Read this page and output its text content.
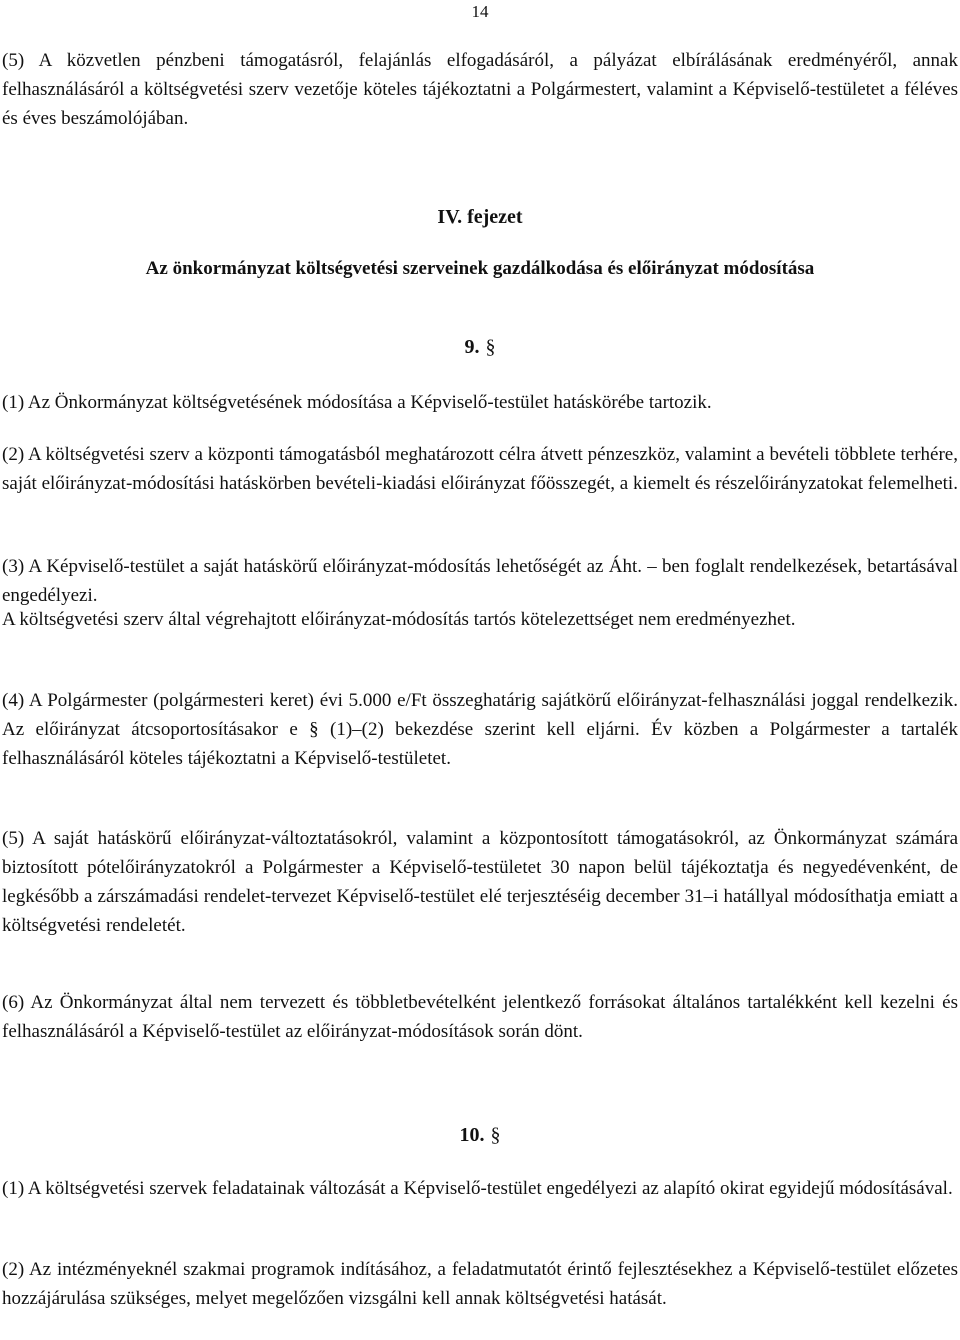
14

(5) A közvetlen pénzbeni támogatásról, felajánlás elfogadásáról, a pályázat elbírálásának eredményéről, annak felhasználásáról a költségvetési szerv vezetője köteles tájékoztatni a Polgármestert, valamint a Képviselő-testületet a féléves és éves beszámolójában.

IV. fejezet

Az önkormányzat költségvetési szerveinek gazdálkodása és előirányzat módosítása

9. §

(1) Az Önkormányzat költségvetésének módosítása a Képviselő-testület hatáskörébe tartozik.

(2) A költségvetési szerv a központi támogatásból meghatározott célra átvett pénzeszköz, valamint a bevételi többlete terhére, saját előirányzat-módosítási hatáskörben bevételi-kiadási előirányzat főösszegét, a kiemelt és részelőirányzatokat felemelheti.

(3) A Képviselő-testület a saját hatáskörű előirányzat-módosítás lehetőségét az Áht. – ben foglalt rendelkezések, betartásával engedélyezi.

A költségvetési szerv által végrehajtott előirányzat-módosítás tartós kötelezettséget nem eredményezhet.

(4) A Polgármester (polgármesteri keret) évi 5.000 e/Ft összeghatárig sajátkörű előirányzat-felhasználási joggal rendelkezik. Az előirányzat átcsoportosításakor e § (1)–(2) bekezdése szerint kell eljárni. Év közben a Polgármester a tartalék felhasználásáról köteles tájékoztatni a Képviselő-testületet.

(5) A saját hatáskörű előirányzat-változtatásokról, valamint a központosított támogatásokról, az Önkormányzat számára biztosított pótelőirányzatokról a Polgármester a Képviselő-testületet 30 napon belül tájékoztatja és negyedévenként, de legkésőbb a zárszámadási rendelet-tervezet Képviselő-testület elé terjesztéséig december 31–i hatállyal módosíthatja emiatt a költségvetési rendeletét.

(6) Az Önkormányzat által nem tervezett és többletbevételként jelentkező forrásokat általános tartalékként kell kezelni és felhasználásáról a Képviselő-testület az előirányzat-módosítások során dönt.

10. §

(1) A költségvetési szervek feladatainak változását a Képviselő-testület engedélyezi az alapító okirat egyidejű módosításával.

(2) Az intézményeknél szakmai programok indításához, a feladatmutatót érintő fejlesztésekhez a Képviselő-testület előzetes hozzájárulása szükséges, melyet megelőzően vizsgálni kell annak költségvetési hatását.
